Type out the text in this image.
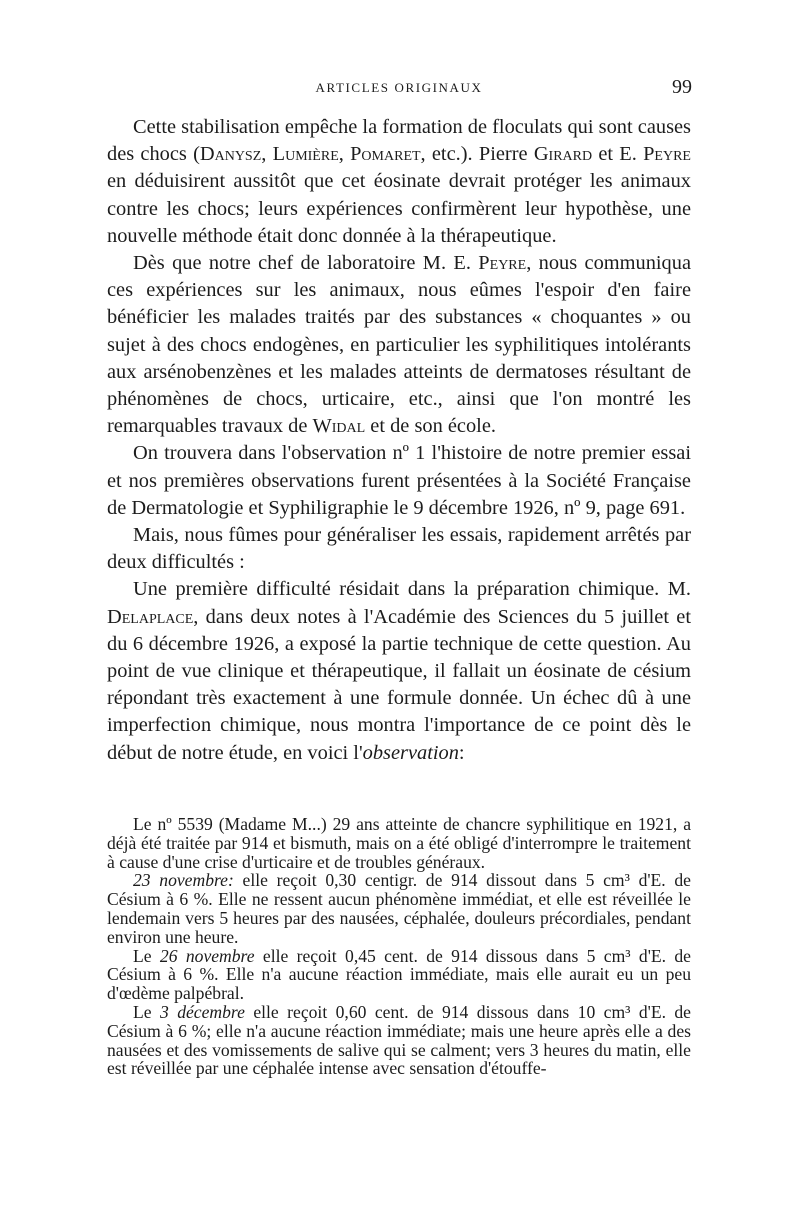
ARTICLES ORIGINAUX	99

Cette stabilisation empêche la formation de floculats qui sont causes des chocs (Danysz, Lumière, Pomaret, etc.). Pierre Girard et E. Peyre en déduisirent aussitôt que cet éosinate devrait protéger les animaux contre les chocs; leurs expériences confirmèrent leur hypothèse, une nouvelle méthode était donc donnée à la thérapeutique.

Dès que notre chef de laboratoire M. E. Peyre, nous communiqua ces expériences sur les animaux, nous eûmes l'espoir d'en faire bénéficier les malades traités par des substances « choquantes » ou sujet à des chocs endogènes, en particulier les syphilitiques intolérants aux arsénobenzènes et les malades atteints de dermatoses résultant de phénomènes de chocs, urticaire, etc., ainsi que l'on montré les remarquables travaux de Widal et de son école.

On trouvera dans l'observation nº 1 l'histoire de notre premier essai et nos premières observations furent présentées à la Société Française de Dermatologie et Syphiligraphie le 9 décembre 1926, nº 9, page 691.

Mais, nous fûmes pour généraliser les essais, rapidement arrêtés par deux difficultés :

Une première difficulté résidait dans la préparation chimique. M. Delaplace, dans deux notes à l'Académie des Sciences du 5 juillet et du 6 décembre 1926, a exposé la partie technique de cette question. Au point de vue clinique et thérapeutique, il fallait un éosinate de césium répondant très exactement à une formule donnée. Un échec dû à une imperfection chimique, nous montra l'importance de ce point dès le début de notre étude, en voici l'observation:

Le nº 5539 (Madame M...) 29 ans atteinte de chancre syphilitique en 1921, a déjà été traitée par 914 et bismuth, mais on a été obligé d'interrompre le traitement à cause d'une crise d'urticaire et de troubles généraux.

23 novembre: elle reçoit 0,30 centigr. de 914 dissout dans 5 cm³ d'E. de Césium à 6 %. Elle ne ressent aucun phénomène immédiat, et elle est réveillée le lendemain vers 5 heures par des nausées, céphalée, douleurs précordiales, pendant environ une heure.

Le 26 novembre elle reçoit 0,45 cent. de 914 dissous dans 5 cm³ d'E. de Césium à 6 %. Elle n'a aucune réaction immédiate, mais elle aurait eu un peu d'œdème palpébral.

Le 3 décembre elle reçoit 0,60 cent. de 914 dissous dans 10 cm³ d'E. de Césium à 6 %; elle n'a aucune réaction immédiate; mais une heure après elle a des nausées et des vomissements de salive qui se calment; vers 3 heures du matin, elle est réveillée par une céphalée intense avec sensation d'étouffe-
